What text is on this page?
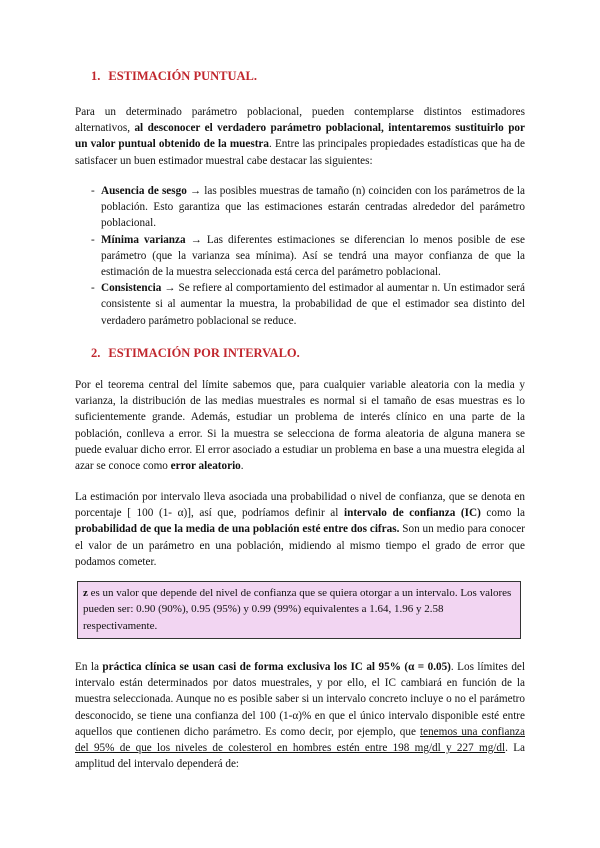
1. ESTIMACIÓN PUNTUAL.

Para un determinado parámetro poblacional, pueden contemplarse distintos estimadores alternativos, al desconocer el verdadero parámetro poblacional, intentaremos sustituirlo por un valor puntual obtenido de la muestra. Entre las principales propiedades estadísticas que ha de satisfacer un buen estimador muestral cabe destacar las siguientes:

- Ausencia de sesgo → las posibles muestras de tamaño (n) coinciden con los parámetros de la población. Esto garantiza que las estimaciones estarán centradas alrededor del parámetro poblacional.

- Mínima varianza → Las diferentes estimaciones se diferencian lo menos posible de ese parámetro (que la varianza sea mínima). Así se tendrá una mayor confianza de que la estimación de la muestra seleccionada está cerca del parámetro poblacional.

- Consistencia → Se refiere al comportamiento del estimador al aumentar n. Un estimador será consistente si al aumentar la muestra, la probabilidad de que el estimador sea distinto del verdadero parámetro poblacional se reduce.

2. ESTIMACIÓN POR INTERVALO.

Por el teorema central del límite sabemos que, para cualquier variable aleatoria con la media y varianza, la distribución de las medias muestrales es normal si el tamaño de esas muestras es lo suficientemente grande. Además, estudiar un problema de interés clínico en una parte de la población, conlleva a error. Si la muestra se selecciona de forma aleatoria de alguna manera se puede evaluar dicho error. El error asociado a estudiar un problema en base a una muestra elegida al azar se conoce como error aleatorio.

La estimación por intervalo lleva asociada una probabilidad o nivel de confianza, que se denota en porcentaje [ 100 (1- α)], así que, podríamos definir al intervalo de confianza (IC) como la probabilidad de que la media de una población esté entre dos cifras. Son un medio para conocer el valor de un parámetro en una población, midiendo al mismo tiempo el grado de error que podamos cometer.

z es un valor que depende del nivel de confianza que se quiera otorgar a un intervalo. Los valores pueden ser: 0.90 (90%), 0.95 (95%) y 0.99 (99%) equivalentes a 1.64, 1.96 y 2.58 respectivamente.

En la práctica clínica se usan casi de forma exclusiva los IC al 95% (α = 0.05). Los límites del intervalo están determinados por datos muestrales, y por ello, el IC cambiará en función de la muestra seleccionada. Aunque no es posible saber si un intervalo concreto incluye o no el parámetro desconocido, se tiene una confianza del 100 (1-α)% en que el único intervalo disponible esté entre aquellos que contienen dicho parámetro. Es como decir, por ejemplo, que tenemos una confianza del 95% de que los niveles de colesterol en hombres estén entre 198 mg/dl y 227 mg/dl. La amplitud del intervalo dependerá de:
